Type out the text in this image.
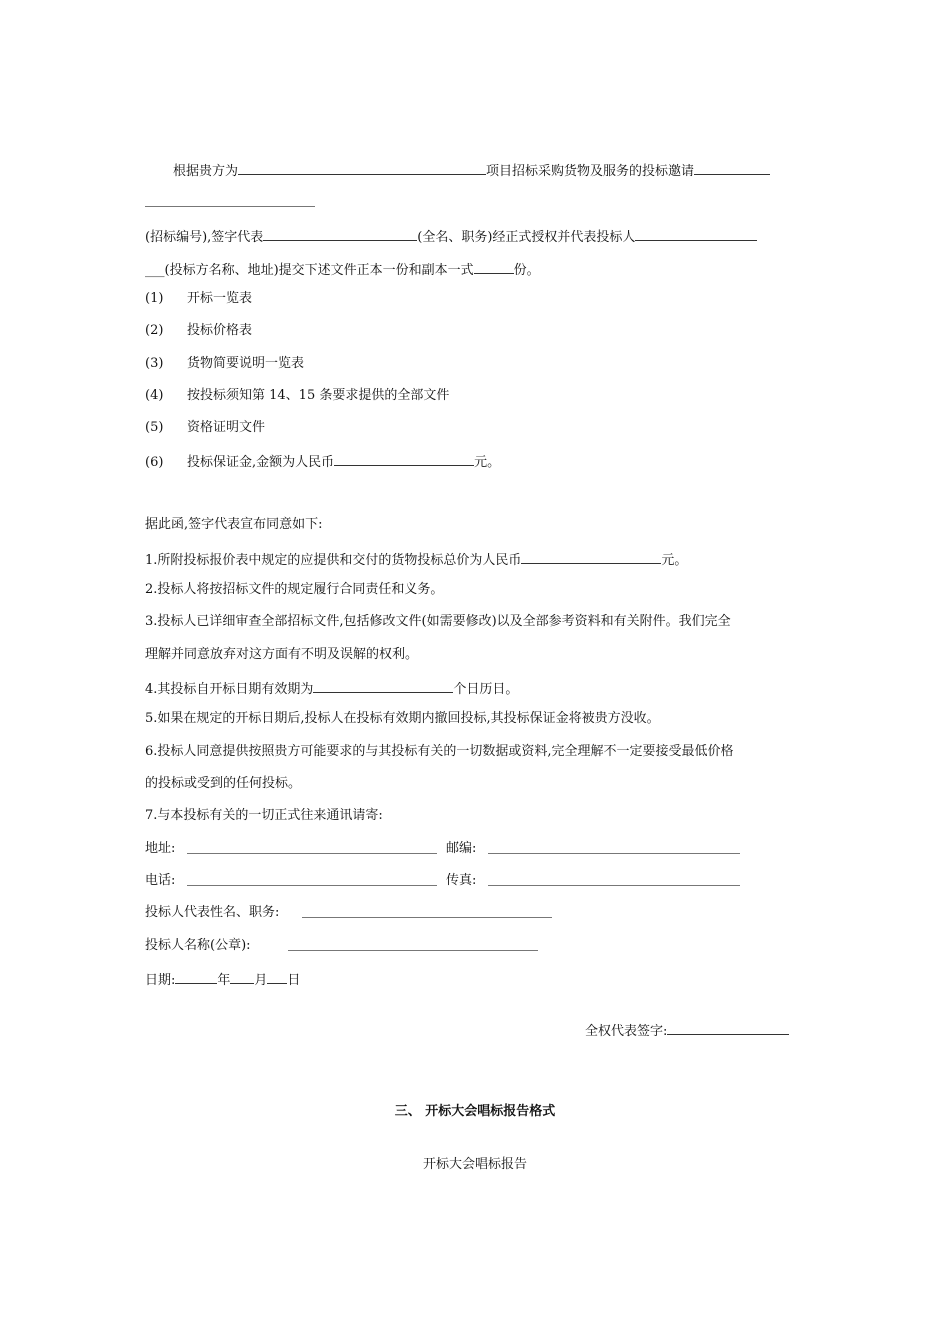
根据贵方为	项目招标采购货物及服务的投标邀请
(招标编号),签字代表	(全名、职务)经正式授权并代表投标人
___(投标方名称、地址)提交下述文件正本一份和副本一式	份。
(1) 开标一览表
(2) 投标价格表
(3) 货物简要说明一览表
(4) 按投标须知第 14、15 条要求提供的全部文件
(5) 资格证明文件
(6) 投标保证金,金额为人民币	元。
据此函,签字代表宣布同意如下:
1.所附投标报价表中规定的应提供和交付的货物投标总价为人民币	元。
2.投标人将按招标文件的规定履行合同责任和义务。
3.投标人已详细审查全部招标文件,包括修改文件(如需要修改)以及全部参考资料和有关附件。我们完全
理解并同意放弃对这方面有不明及误解的权利。
4.其投标自开标日期有效期为	个日历日。
5.如果在规定的开标日期后,投标人在投标有效期内撤回投标,其投标保证金将被贵方没收。
6.投标人同意提供按照贵方可能要求的与其投标有关的一切数据或资料,完全理解不一定要接受最低价格
的投标或受到的任何投标。
7.与本投标有关的一切正式往来通讯请寄:
地址:	邮编:
电话:	传真:
投标人代表性名、职务:
投标人名称(公章):
日期:	年 月 日
全权代表签字:
三、 开标大会唱标报告格式
开标大会唱标报告
